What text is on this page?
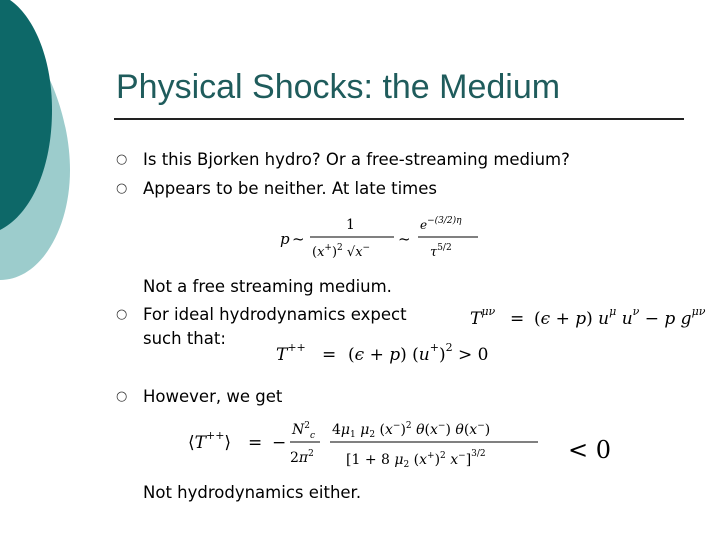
Physical Shocks: the Medium
○ Is this Bjorken hydro? Or a free-streaming medium?
○ Appears to be neither. At late times
p ~
1
$(x^+)^2$ √x− ~
$e^{-(3/2)\eta}$
$\tau^{5/2}$
Not a free streaming medium.
○ For ideal hydrodynamics expect
such that:
$T^{\mu\nu} = (\epsilon + p)$ $u^\mu$ $u^\nu - p$ $g^{\mu\nu}$
T++ = (ϵ + p) $(u^+)^2 > 0$
○ However, we get
⟨T++⟩ = −
$N^2_c$
$2\pi^2$
$4\mu_1$ $\mu_2$ $(x^-)^2$ θ(x−) θ(x−)
[1 + 8 $\mu_2$ $(x^+)^2$ x−]$^{3/2}$	< 0
Not hydrodynamics either.
